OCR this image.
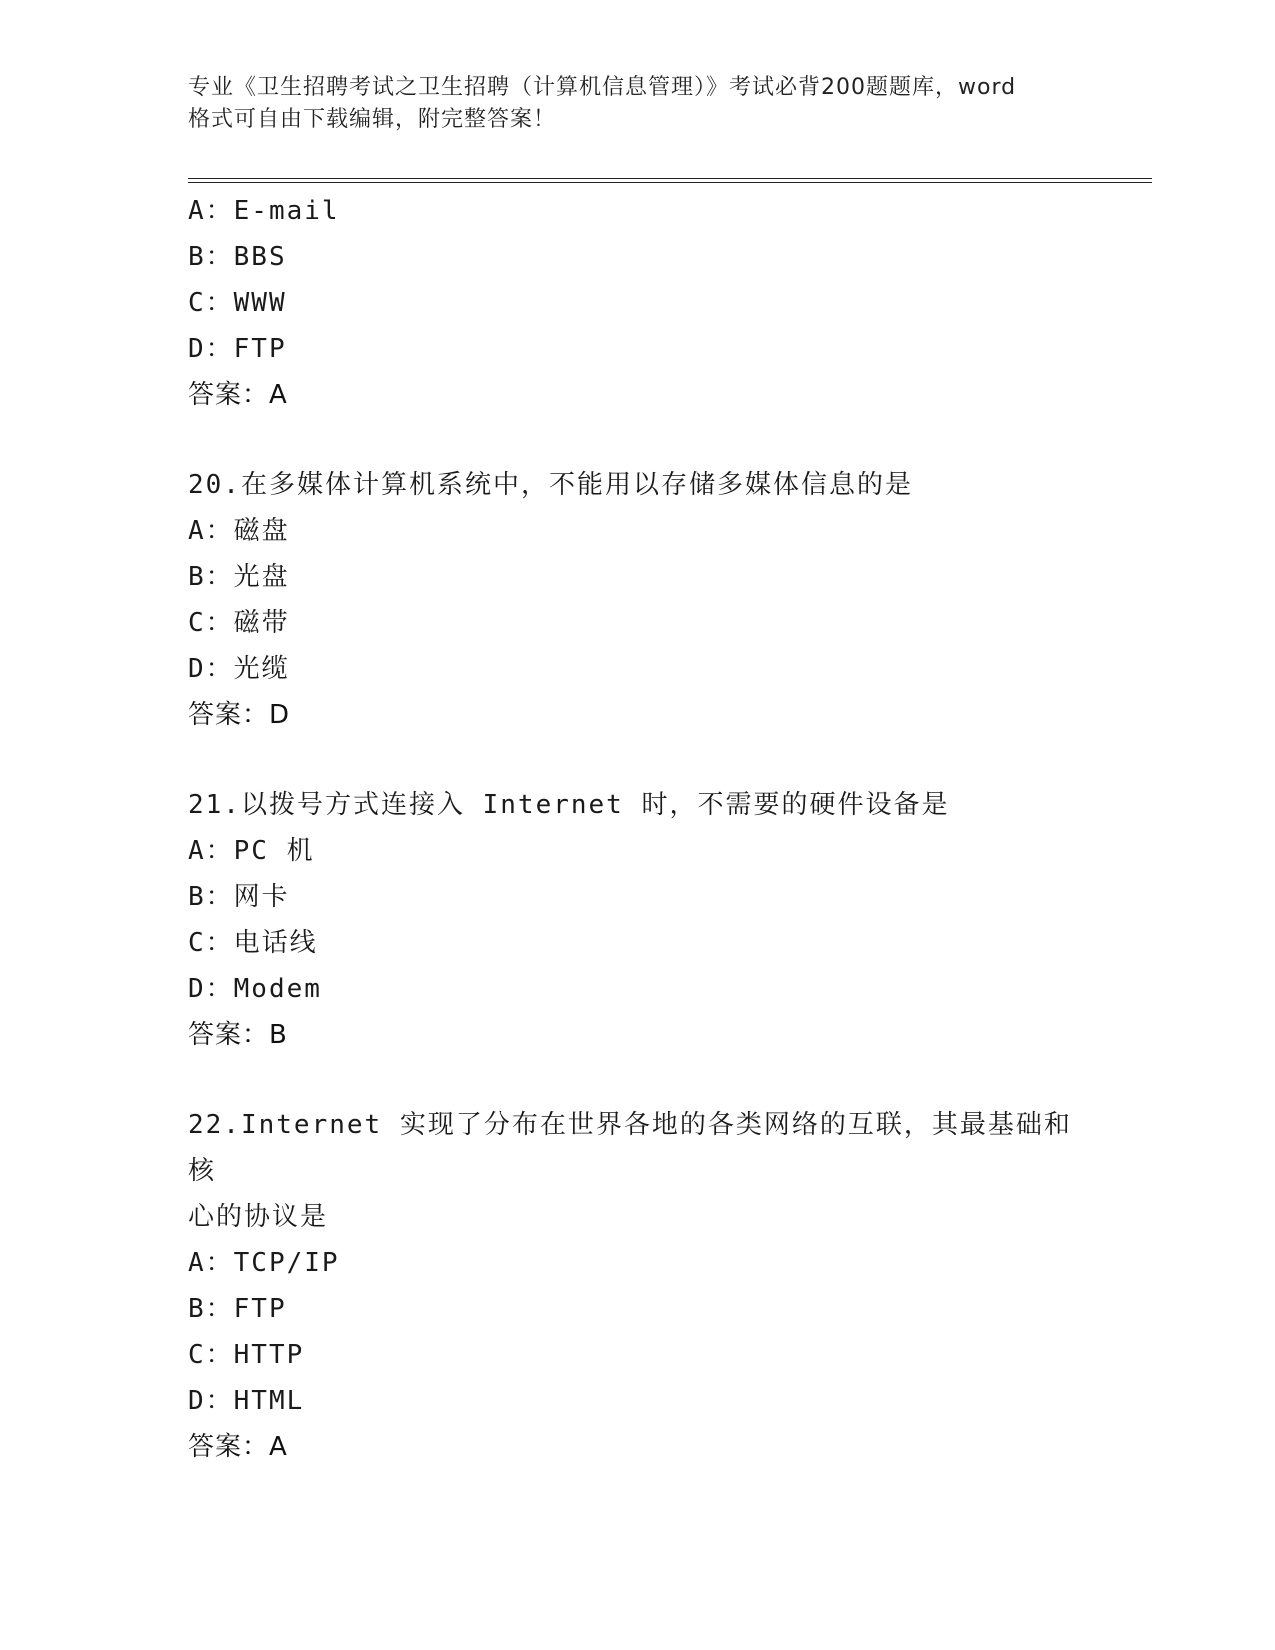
专业《卫生招聘考试之卫生招聘（计算机信息管理）》考试必背200题题库，word
格式可自由下载编辑，附完整答案！
A：E-mail
B：BBS
C：WWW
D：FTP
答案：A
20.在多媒体计算机系统中，不能用以存储多媒体信息的是
A：磁盘
B：光盘
C：磁带
D：光缆
答案：D
21.以拨号方式连接入 Internet 时，不需要的硬件设备是
A：PC 机
B：网卡
C：电话线
D：Modem
答案：B
22.Internet 实现了分布在世界各地的各类网络的互联，其最基础和核
心的协议是
A：TCP/IP
B：FTP
C：HTTP
D：HTML
答案：A
